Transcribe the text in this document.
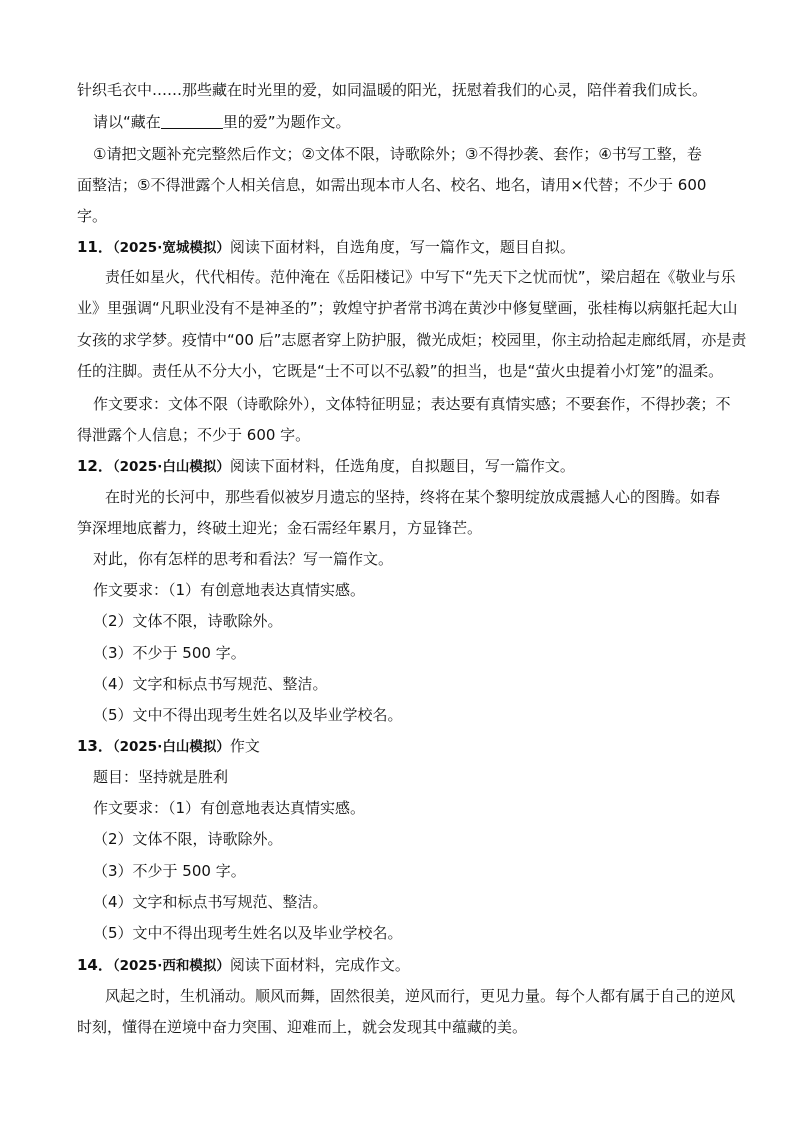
针织毛衣中……那些藏在时光里的爱，如同温暖的阳光，抚慰着我们的心灵，陪伴着我们成长。
请以“藏在	里的爱”为题作文。
①请把文题补充完整然后作文；②文体不限，诗歌除外；③不得抄袭、套作；④书写工整，卷
面整洁；⑤不得泄露个人相关信息，如需出现本市人名、校名、地名，请用×代替；不少于 600
字。
11．（2025·宽城模拟）阅读下面材料，自选角度，写一篇作文，题目自拟。
责任如星火，代代相传。范仲淹在《岳阳楼记》中写下“先天下之忧而忧”，梁启超在《敬业与乐
业》里强调“凡职业没有不是神圣的”；敦煌守护者常书鸿在黄沙中修复壁画，张桂梅以病躯托起大山
女孩的求学梦。疫情中“00 后”志愿者穿上防护服，微光成炬；校园里，你主动拾起走廊纸屑，亦是责
任的注脚。责任从不分大小，它既是“士不可以不弘毅”的担当，也是“萤火虫提着小灯笼”的温柔。
作文要求：文体不限（诗歌除外），文体特征明显；表达要有真情实感；不要套作，不得抄袭；不
得泄露个人信息；不少于 600 字。
12．（2025·白山模拟）阅读下面材料，任选角度，自拟题目，写一篇作文。
在时光的长河中，那些看似被岁月遗忘的坚持，终将在某个黎明绽放成震撼人心的图腾。如春
笋深埋地底蓄力，终破土迎光；金石需经年累月，方显锋芒。
对此，你有怎样的思考和看法？写一篇作文。
作文要求：（1）有创意地表达真情实感。
（2）文体不限，诗歌除外。
（3）不少于 500 字。
（4）文字和标点书写规范、整洁。
（5）文中不得出现考生姓名以及毕业学校名。
13．（2025·白山模拟）作文
题目：坚持就是胜利
作文要求：（1）有创意地表达真情实感。
（2）文体不限，诗歌除外。
（3）不少于 500 字。
（4）文字和标点书写规范、整洁。
（5）文中不得出现考生姓名以及毕业学校名。
14．（2025·西和模拟）阅读下面材料，完成作文。
风起之时，生机涌动。顺风而舞，固然很美，逆风而行，更见力量。每个人都有属于自己的逆风
时刻，懂得在逆境中奋力突围、迎难而上，就会发现其中蕴藏的美。
